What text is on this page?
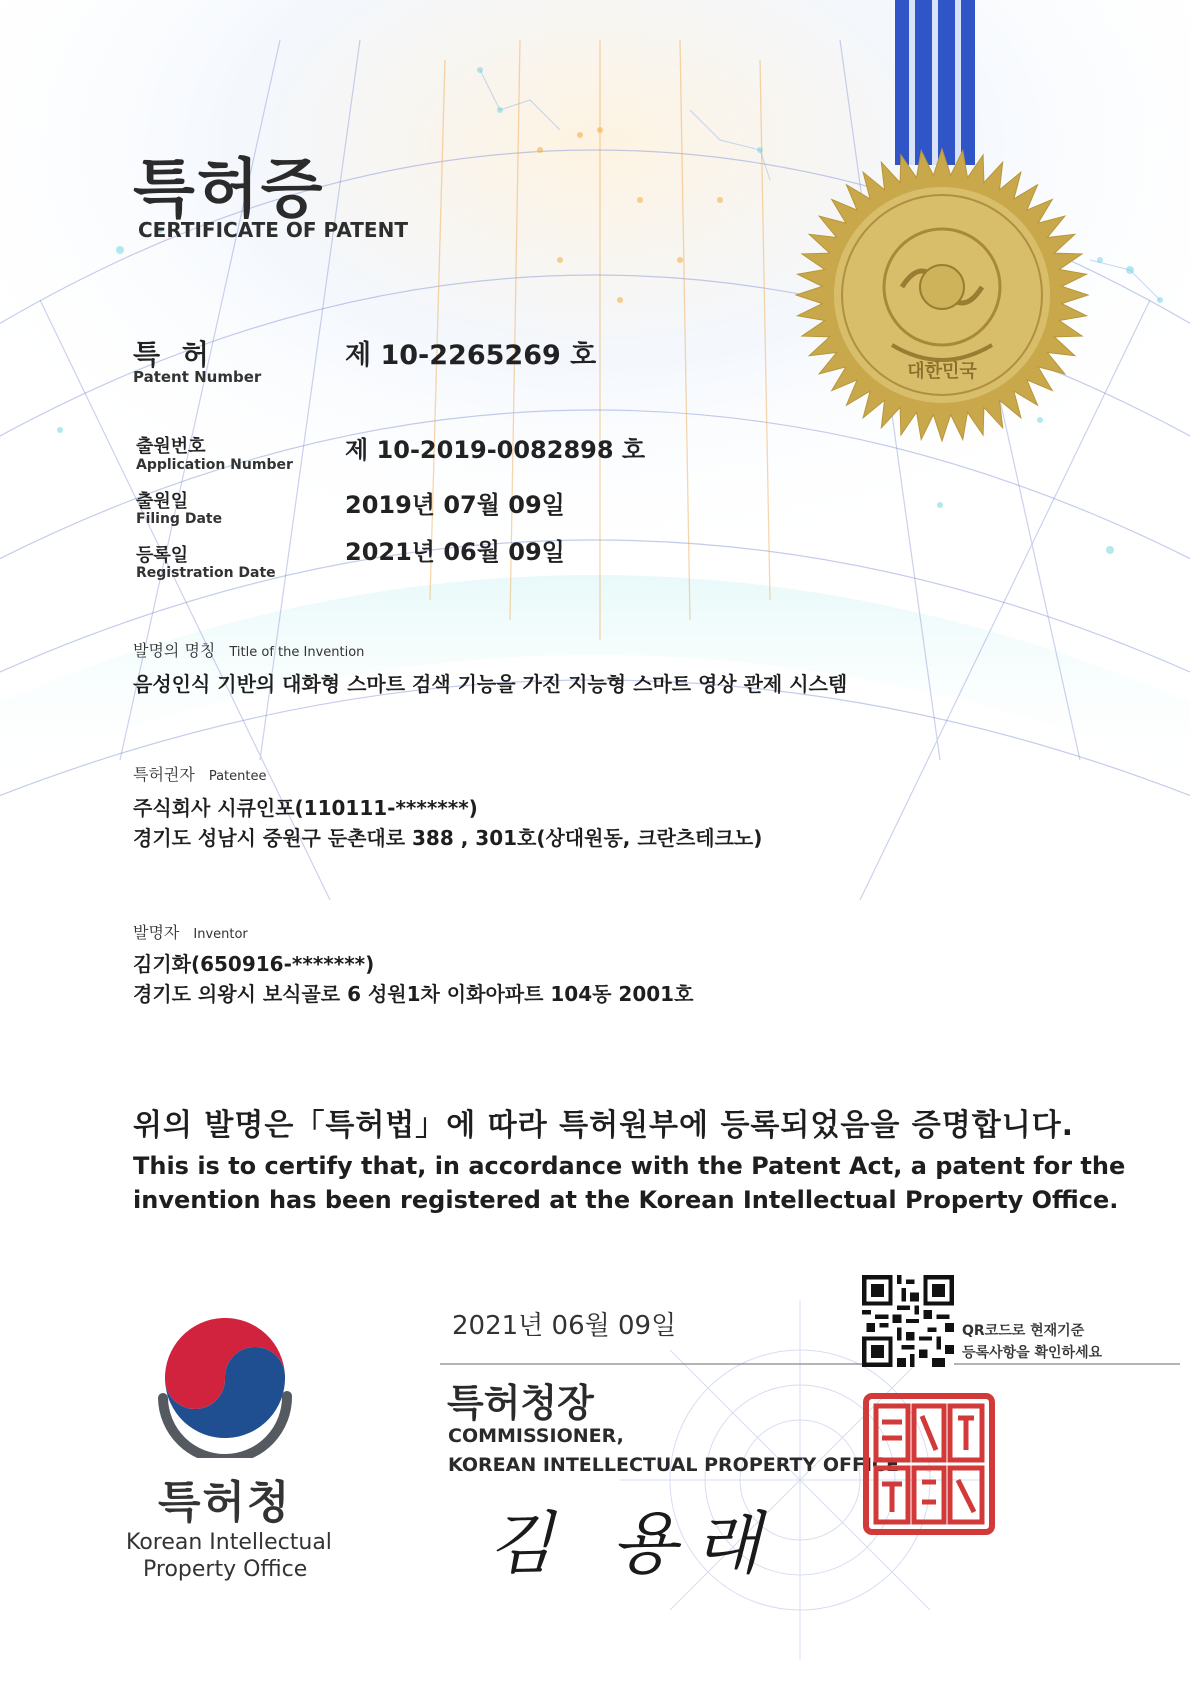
대한민국
특허증
CERTIFICATE OF PATENT
특 허
Patent Number
제 10-2265269 호
출원번호
Application Number
제 10-2019-0082898 호
출원일
Filing Date	2019년 07월 09일
등록일
Registration Date
2021년 06월 09일
발명의 명칭 Title of the Invention
음성인식 기반의 대화형 스마트 검색 기능을 가진 지능형 스마트 영상 관제 시스템
특허권자 Patentee
주식회사 시큐인포(110111-*******)
경기도 성남시 중원구 둔촌대로 388 , 301호(상대원동, 크란츠테크노)
발명자 Inventor
김기화(650916-*******)
경기도 의왕시 보식골로 6 성원1차 이화아파트 104동 2001호
위의 발명은「특허법」에 따라 특허원부에 등록되었음을 증명합니다.
This is to certify that, in accordance with the Patent Act, a patent for the
invention has been registered at the Korean Intellectual Property Office.
특허청
Korean Intellectual
Property Office
2021년 06월 09일
특허청장
COMMISSIONER,
KOREAN INTELLECTUAL PROPERTY OFFICE
김 용래
QR코드로 현재기준
등록사항을 확인하세요
특허청장인
